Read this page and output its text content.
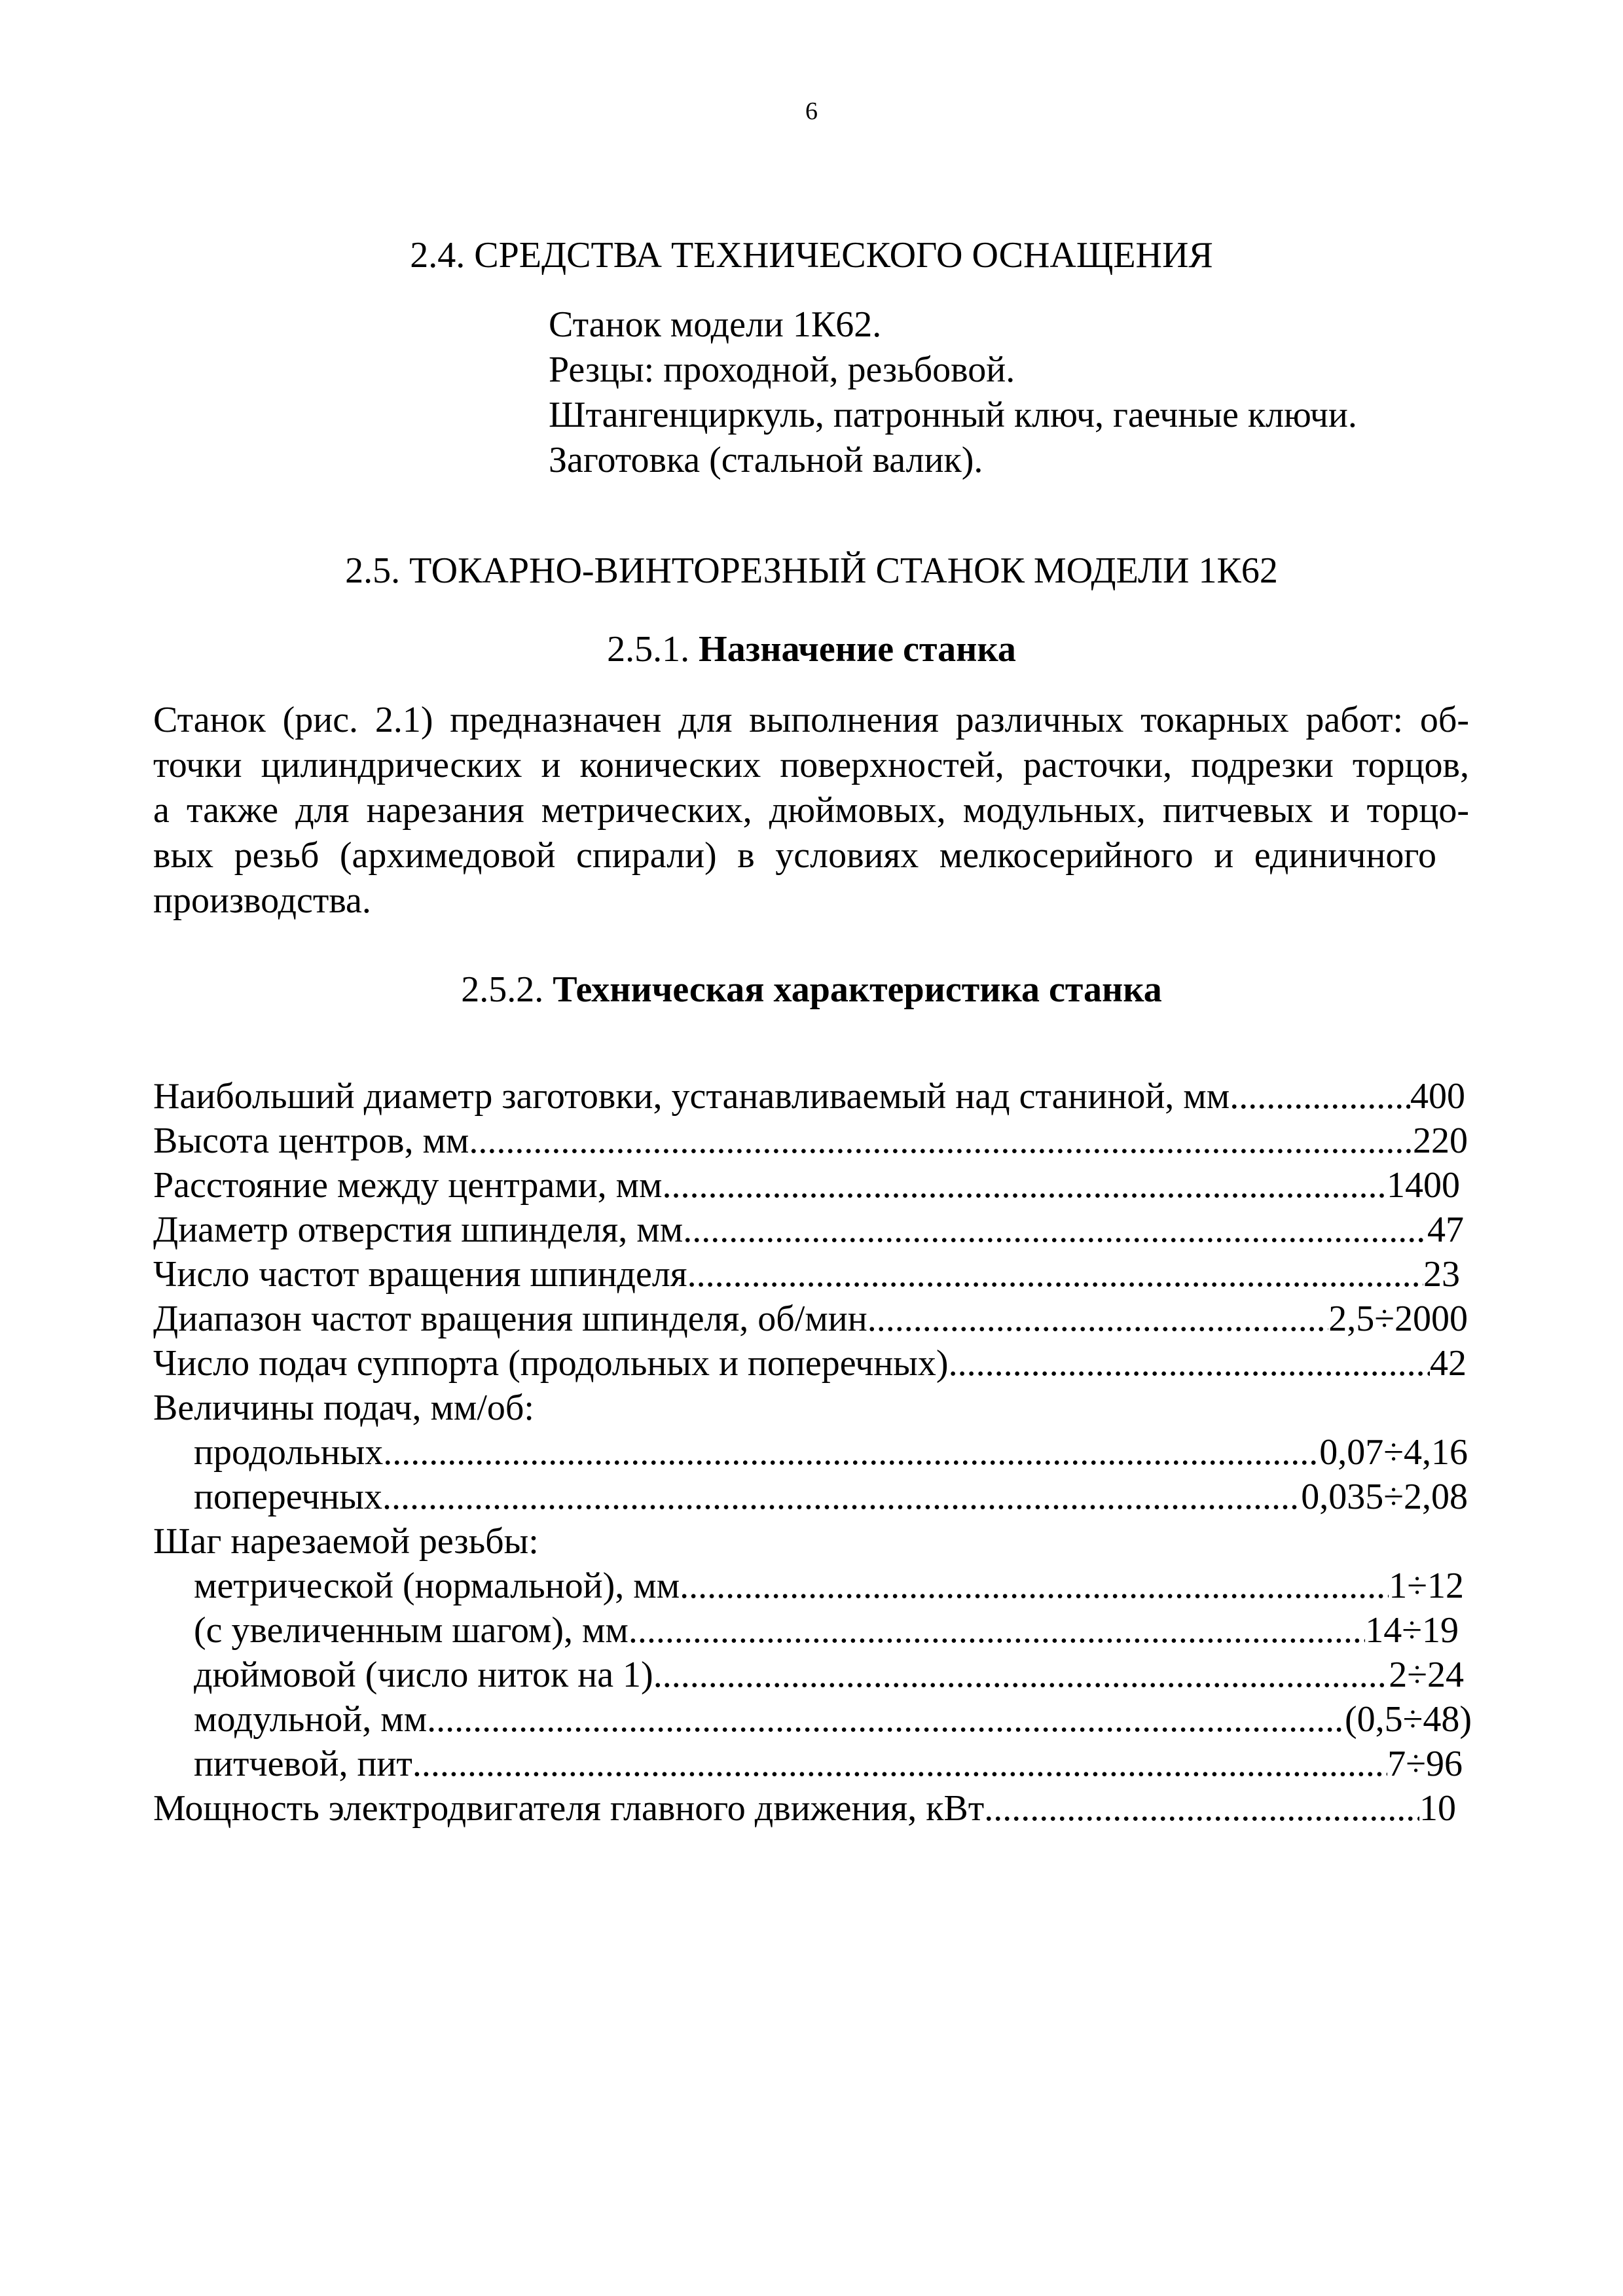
6
2.4. СРЕДСТВА ТЕХНИЧЕСКОГО ОСНАЩЕНИЯ
Станок модели 1К62.
Резцы: проходной, резьбовой.
Штангенциркуль, патронный ключ, гаечные ключи.
Заготовка (стальной валик).
2.5. ТОКАРНО-ВИНТОРЕЗНЫЙ СТАНОК МОДЕЛИ 1К62
2.5.1. Назначение станка
Станок (рис. 2.1) предназначен для выполнения различных токарных работ: об-
точки цилиндрических и конических поверхностей, расточки, подрезки торцов,
а также для нарезания метрических, дюймовых, модульных, питчевых и торцо-
вых резьб (архимедовой спирали) в условиях мелкосерийного и единичного
производства.
2.5.2. Техническая характеристика станка
Наибольший диаметр заготовки, устанавливаемый над станиной, мм .....	400
Высота центров, мм .....	220
Расстояние между центрами, мм .....	1400
Диаметр отверстия шпинделя, мм .....	47
Число частот вращения шпинделя .....	23
Диапазон частот вращения шпинделя, об/мин .....	2,5÷2000
Число подач суппорта (продольных и поперечных) .....	42
Величины подач, мм/об:
продольных .....	0,07÷4,16
поперечных .....	0,035÷2,08
Шаг нарезаемой резьбы:
метрической (нормальной), мм .....	1÷12
(с увеличенным шагом), мм .....	14÷19
дюймовой (число ниток на 1) .....	2÷24
модульной, мм .....	(0,5÷48)
питчевой, пит .....	7÷96
Мощность электродвигателя главного движения, кВт .....	10
